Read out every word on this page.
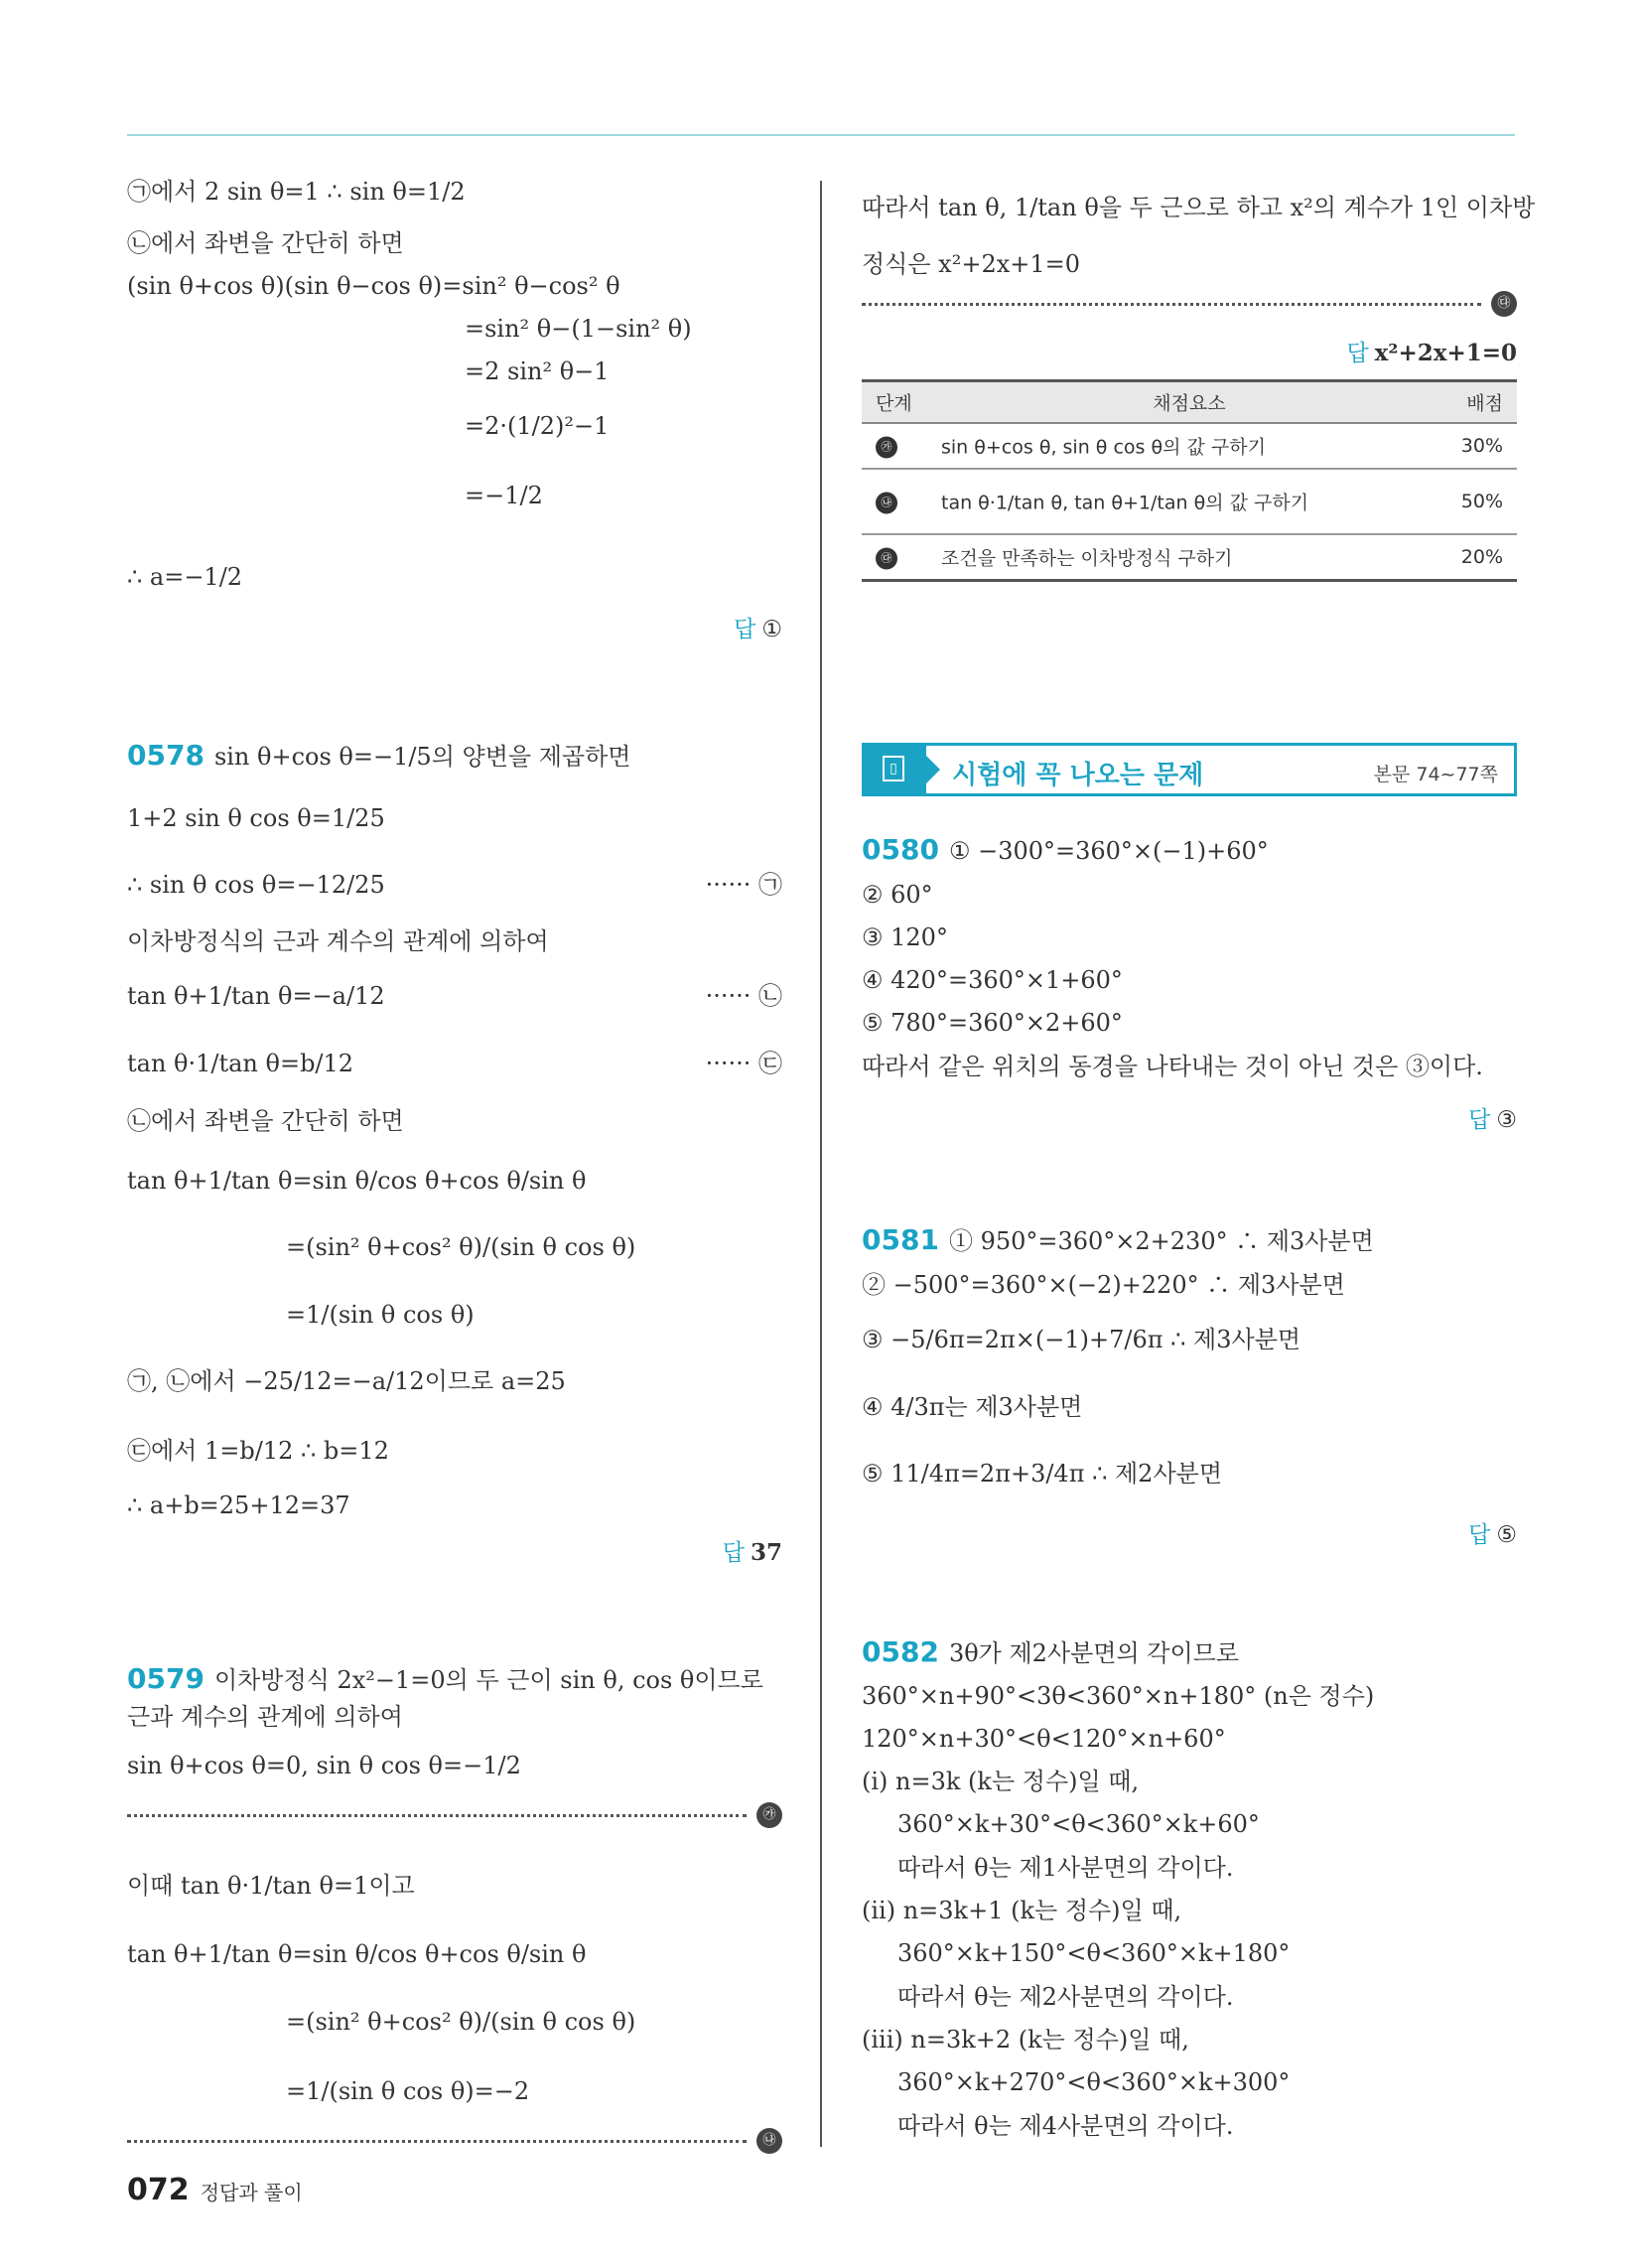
㉠에서 2 sin θ=1 ∴ sin θ=1/2
㉡에서 좌변을 간단히 하면
(sin θ+cos θ)(sin θ−cos θ)=sin² θ−cos² θ
=sin² θ−(1−sin² θ)
=2 sin² θ−1
=2·(1/2)²−1
=−1/2
∴ a=−1/2
답 ①
0578 sin θ+cos θ=−1/5의 양변을 제곱하면
1+2 sin θ cos θ=1/25
∴ sin θ cos θ=−12/25	······ ㉠
이차방정식의 근과 계수의 관계에 의하여
tan θ+1/tan θ=−a/12	······ ㉡
tan θ·1/tan θ=b/12	······ ㉢
㉡에서 좌변을 간단히 하면
tan θ+1/tan θ=sin θ/cos θ+cos θ/sin θ
=(sin² θ+cos² θ)/(sin θ cos θ)
=1/(sin θ cos θ)
㉠, ㉡에서 −25/12=−a/12이므로 a=25
㉢에서 1=b/12 ∴ b=12
∴ a+b=25+12=37
답 37
0579 이차방정식 2x²−1=0의 두 근이 sin θ, cos θ이므로
근과 계수의 관계에 의하여
sin θ+cos θ=0, sin θ cos θ=−1/2
㉮
이때 tan θ·1/tan θ=1이고
tan θ+1/tan θ=sin θ/cos θ+cos θ/sin θ
=(sin² θ+cos² θ)/(sin θ cos θ)
=1/(sin θ cos θ)=−2
㉯
따라서 tan θ, 1/tan θ을 두 근으로 하고 x²의 계수가 1인 이차방
정식은 x²+2x+1=0
㉰
답 x²+2x+1=0
단계	채점요소	배점
㉮	sin θ+cos θ, sin θ cos θ의 값 구하기	30%
㉯	tan θ·1/tan θ, tan θ+1/tan θ의 값 구하기	50%
㉰	조건을 만족하는 이차방정식 구하기	20%
▯ 시험에 꼭 나오는 문제	본문 74~77쪽
0580 ① −300°=360°×(−1)+60°
② 60°
③ 120°
④ 420°=360°×1+60°
⑤ 780°=360°×2+60°
따라서 같은 위치의 동경을 나타내는 것이 아닌 것은 ③이다.
답 ③
0581 ① 950°=360°×2+230° ∴ 제3사분면
② −500°=360°×(−2)+220° ∴ 제3사분면
③ −5/6π=2π×(−1)+7/6π ∴ 제3사분면
④ 4/3π는 제3사분면
⑤ 11/4π=2π+3/4π ∴ 제2사분면
답 ⑤
0582 3θ가 제2사분면의 각이므로
360°×n+90°<3θ<360°×n+180° (n은 정수)
120°×n+30°<θ<120°×n+60°
(i) n=3k (k는 정수)일 때,
360°×k+30°<θ<360°×k+60°
따라서 θ는 제1사분면의 각이다.
(ii) n=3k+1 (k는 정수)일 때,
360°×k+150°<θ<360°×k+180°
따라서 θ는 제2사분면의 각이다.
(iii) n=3k+2 (k는 정수)일 때,
360°×k+270°<θ<360°×k+300°
따라서 θ는 제4사분면의 각이다.
072 정답과 풀이
